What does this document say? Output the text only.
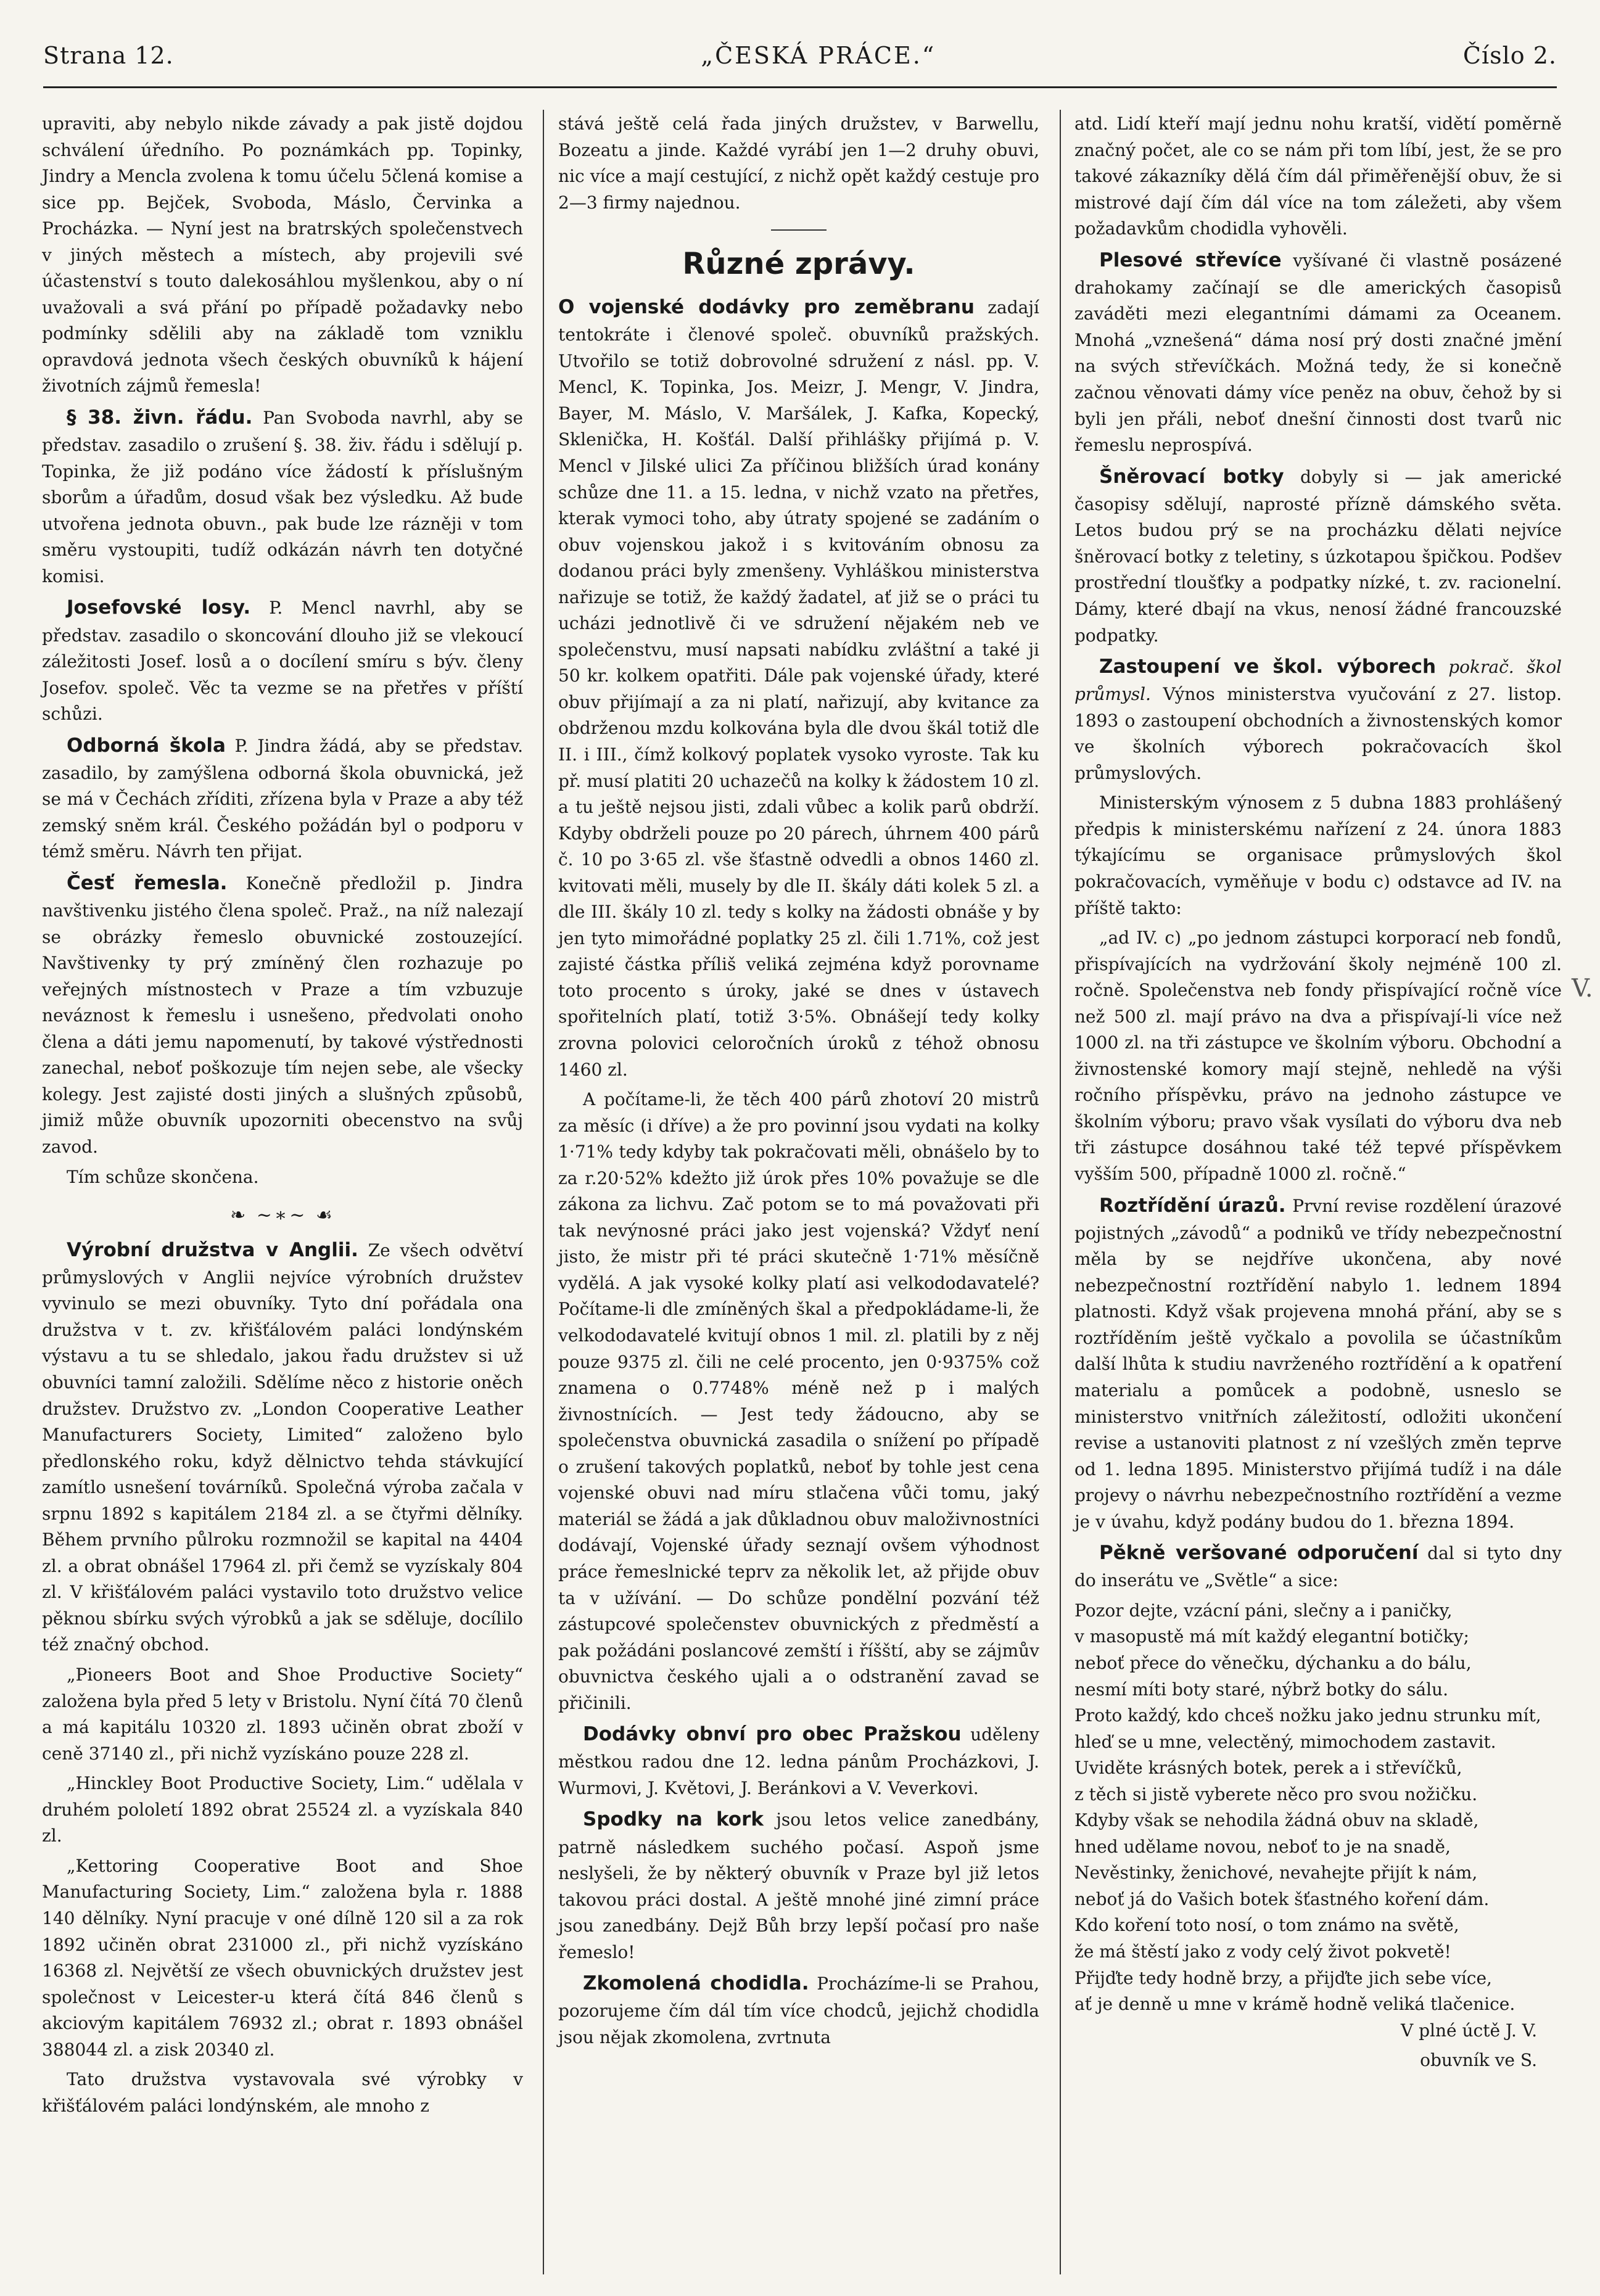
Strana 12.	„ČESKÁ PRÁCE.“	Číslo 2.

upraviti, aby nebylo nikde závady a pak jistě dojdou schválení úředního. Po poznámkách pp. Topinky, Jindry a Mencla zvolena k tomu účelu 5člená komise a sice pp. Bejček, Svoboda, Máslo, Červinka a Procházka. — Nyní jest na bratrských společenstvech v jiných městech a místech, aby projevili své účastenství s touto dalekosáhlou myšlenkou, aby o ní uvažovali a svá přání po případě požadavky nebo podmínky sdělili aby na základě tom vzniklu opravdová jednota všech českých obuvníků k hájení životních zájmů řemesla!

§ 38. živn. řádu. Pan Svoboda navrhl, aby se představ. zasadilo o zrušení §. 38. živ. řádu i sdělují p. Topinka, že již podáno více žádostí k příslušným sborům a úřadům, dosud však bez výsledku. Až bude utvořena jednota obuvn., pak bude lze rázněji v tom směru vystoupiti, tudíž odkázán návrh ten dotyčné komisi.

Josefovské losy. P. Mencl navrhl, aby se představ. zasadilo o skoncování dlouho již se vlekoucí záležitosti Josef. losů a o docílení smíru s býv. členy Josefov. společ. Věc ta vezme se na přetřes v příští schůzi.

Odborná škola P. Jindra žádá, aby se představ. zasadilo, by zamýšlena odborná škola obuvnická, jež se má v Čechách zříditi, zřízena byla v Praze a aby též zemský sněm král. Českého požádán byl o podporu v témž směru. Návrh ten přijat.

Česť řemesla. Konečně předložil p. Jindra navštivenku jistého člena společ. Praž., na níž nalezají se obrázky řemeslo obuvnické zostouzející. Navštivenky ty prý zmíněný člen rozhazuje po veřejných místnostech v Praze a tím vzbuzuje neváznost k řemeslu i usnešeno, předvolati onoho člena a dáti jemu napomenutí, by takové výstřednosti zanechal, neboť poškozuje tím nejen sebe, ale všecky kolegy. Jest zajisté dosti jiných a slušných způsobů, jimiž může obuvník upozorniti obecenstvo na svůj zavod.

Tím schůze skončena.

❧ ~∗~ ☙

Výrobní družstva v Anglii. Ze všech odvětví průmyslových v Anglii nejvíce výrobních družstev vyvinulo se mezi obuvníky. Tyto dní pořádala ona družstva v t. zv. křišťálovém paláci londýnském výstavu a tu se shledalo, jakou řadu družstev si už obuvníci tamní založili. Sdělíme něco z historie oněch družstev. Družstvo zv. „London Cooperative Leather Manufacturers Society, Limited“ založeno bylo předlonského roku, když dělnictvo tehda stávkující zamítlo usnešení továrníků. Společná výroba začala v srpnu 1892 s kapitálem 2184 zl. a se čtyřmi dělníky. Během prvního půlroku rozmnožil se kapital na 4404 zl. a obrat obnášel 17964 zl. při čemž se vyzískaly 804 zl. V křišťálovém paláci vystavilo toto družstvo velice pěknou sbírku svých výrobků a jak se sděluje, docílilo též značný obchod.

„Pioneers Boot and Shoe Productive Society“ založena byla před 5 lety v Bristolu. Nyní čítá 70 členů a má kapitálu 10320 zl. 1893 učiněn obrat zboží v ceně 37140 zl., při nichž vyzískáno pouze 228 zl.

„Hinckley Boot Productive Society, Lim.“ udělala v druhém pololetí 1892 obrat 25524 zl. a vyzískala 840 zl.

„Kettoring Cooperative Boot and Shoe Manufacturing Society, Lim.“ založena byla r. 1888 140 dělníky. Nyní pracuje v oné dílně 120 sil a za rok 1892 učiněn obrat 231000 zl., při nichž vyzískáno 16368 zl. Největší ze všech obuvnických družstev jest společnost v Leicester-u která čítá 846 členů s akciovým kapitálem 76932 zl.; obrat r. 1893 obnášel 388044 zl. a zisk 20340 zl.

Tato družstva vystavovala své výrobky v křišťálovém paláci londýnském, ale mnoho z

stává ještě celá řada jiných družstev, v Barwellu, Bozeatu a jinde. Každé vyrábí jen 1—2 druhy obuvi, nic více a mají cestující, z nichž opět každý cestuje pro 2—3 firmy najednou.

Různé zprávy.

O vojenské dodávky pro zeměbranu zadají tentokráte i členové společ. obuvníků pražských. Utvořilo se totiž dobrovolné sdružení z násl. pp. V. Mencl, K. Topinka, Jos. Meizr, J. Mengr, V. Jindra, Bayer, M. Máslo, V. Maršálek, J. Kafka, Kopecký, Sklenička, H. Košťál. Další přihlášky přijímá p. V. Mencl v Jilské ulici Za příčinou bližších úrad konány schůze dne 11. a 15. ledna, v nichž vzato na přetřes, kterak vymoci toho, aby útraty spojené se zadáním o obuv vojenskou jakož i s kvitováním obnosu za dodanou práci byly zmenšeny. Vyhláškou ministerstva nařizuje se totiž, že každý žadatel, ať již se o práci tu ucházi jednotlivě či ve sdružení nějakém neb ve společenstvu, musí napsati nabídku zvláštní a také ji 50 kr. kolkem opatřiti. Dále pak vojenské úřady, které obuv přijímají a za ni platí, nařizují, aby kvitance za obdrženou mzdu kolkována byla dle dvou škál totiž dle II. i III., čímž kolkový poplatek vysoko vyroste. Tak ku př. musí platiti 20 uchazečů na kolky k žádostem 10 zl. a tu ještě nejsou jisti, zdali vůbec a kolik parů obdrží. Kdyby obdrželi pouze po 20 párech, úhrnem 400 párů č. 10 po 3·65 zl. vše šťastně odvedli a obnos 1460 zl. kvitovati měli, musely by dle II. škály dáti kolek 5 zl. a dle III. škály 10 zl. tedy s kolky na žádosti obnáše y by jen tyto mimořádné poplatky 25 zl. čili 1.71%, což jest zajisté částka příliš veliká zejména když porovname toto procento s úroky, jaké se dnes v ústavech spořitelních platí, totiž 3·5%. Obnášejí tedy kolky zrovna polovici celoročních úroků z téhož obnosu 1460 zl.

A počítame-li, že těch 400 párů zhotoví 20 mistrů za měsíc (i dříve) a že pro povinní jsou vydati na kolky 1·71% tedy kdyby tak pokračovati měli, obnášelo by to za r.20·52% kdežto již úrok přes 10% považuje se dle zákona za lichvu. Zač potom se to má považovati při tak nevýnosné práci jako jest vojenská? Vždyť není jisto, že mistr při té práci skutečně 1·71% měsíčně vydělá. A jak vysoké kolky platí asi velkododavatelé? Počítame-li dle zmíněných škal a předpokládame-li, že velkododavatelé kvitují obnos 1 mil. zl. platili by z něj pouze 9375 zl. čili ne celé procento, jen 0·9375% což znamena o 0.7748% méně než p i malých živnostnících. — Jest tedy žádoucno, aby se společenstva obuvnická zasadila o snížení po případě o zrušení takových poplatků, neboť by tohle jest cena vojenské obuvi nad míru stlačena vůči tomu, jaký materiál se žádá a jak důkladnou obuv maloživnostníci dodávají, Vojenské úřady seznají ovšem výhodnost práce řemeslnické teprv za několik let, až přijde obuv ta v užívání. — Do schůze pondělní pozvání též zástupcové společenstev obuvnických z předměstí a pak požádáni poslancové zemští i říšští, aby se zájmův obuvnictva českého ujali a o odstranění zavad se přičinili.

Dodávky obnví pro obec Pražskou uděleny městkou radou dne 12. ledna pánům Procházkovi, J. Wurmovi, J. Květovi, J. Beránkovi a V. Veverkovi.

Spodky na kork jsou letos velice zanedbány, patrně následkem suchého počasí. Aspoň jsme neslyšeli, že by některý obuvník v Praze byl již letos takovou práci dostal. A ještě mnohé jiné zimní práce jsou zanedbány. Dejž Bůh brzy lepší počasí pro naše řemeslo!

Zkomolená chodidla. Procházíme-li se Prahou, pozorujeme čím dál tím více chodců, jejichž chodidla jsou nějak zkomolena, zvrtnuta

atd. Lidí kteří mají jednu nohu kratší, vidětí poměrně značný počet, ale co se nám při tom líbí, jest, že se pro takové zákazníky dělá čím dál přiměřenější obuv, že si mistrové dají čím dál více na tom záležeti, aby všem požadavkům chodidla vyhověli.

Plesové střevíce vyšívané či vlastně posázené drahokamy začínají se dle amerických časopisů zaváděti mezi elegantními dámami za Oceanem. Mnohá „vznešená“ dáma nosí prý dosti značné jmění na svých střevíčkách. Možná tedy, že si konečně začnou věnovati dámy více peněz na obuv, čehož by si byli jen přáli, neboť dnešní činnosti dost tvarů nic řemeslu neprospívá.

Šněrovací botky dobyly si — jak americké časopisy sdělují, naprosté přízně dámského světa. Letos budou prý se na procházku dělati nejvíce šněrovací botky z teletiny, s úzkotapou špičkou. Podšev prostřední tloušťky a podpatky nízké, t. zv. racionelní. Dámy, které dbají na vkus, nenosí žádné francouzské podpatky.

Zastoupení ve škol. výborech pokrač. škol průmysl. Výnos ministerstva vyučování z 27. listop. 1893 o zastoupení obchodních a živnostenských komor ve školních výborech pokračovacích škol průmyslových.

Ministerským výnosem z 5 dubna 1883 prohlášený předpis k ministerskému nařízení z 24. února 1883 týkajícímu se organisace průmyslových škol pokračovacích, vyměňuje v bodu c) odstavce ad IV. na příště takto:

„ad IV. c) „po jednom zástupci korporací neb fondů, přispívajících na vydržování školy nejméně 100 zl. ročně. Společenstva neb fondy přispívající ročně více než 500 zl. mají právo na dva a přispívají-li více než 1000 zl. na tři zástupce ve školním výboru. Obchodní a živnostenské komory mají stejně, nehledě na výši ročního příspěvku, právo na jednoho zástupce ve školním výboru; pravo však vysílati do výboru dva neb tři zástupce dosáhnou také též tepvé příspěvkem vyšším 500, případně 1000 zl. ročně.“

Roztřídění úrazů. První revise rozdělení úrazové pojistných „závodů“ a podniků ve třídy nebezpečnostní měla by se nejdříve ukončena, aby nové nebezpečnostní roztřídění nabylo 1. lednem 1894 platnosti. Když však projevena mnohá přání, aby se s roztříděním ještě vyčkalo a povolila se účastníkům další lhůta k studiu navrženého roztřídění a k opatření materialu a pomůcek a podobně, usneslo se ministerstvo vnitřních záležitostí, odložiti ukončení revise a ustanoviti platnost z ní vzešlých změn teprve od 1. ledna 1895. Ministerstvo přijímá tudíž i na dále projevy o návrhu nebezpečnostního roztřídění a vezme je v úvahu, když podány budou do 1. března 1894.

Pěkně veršované odporučení dal si tyto dny do inserátu ve „Světle“ a sice:

Pozor dejte, vzácní páni, slečny a i paničky,
v masopustě má mít každý elegantní botičky;
neboť přece do věnečku, dýchanku a do bálu,
nesmí míti boty staré, nýbrž botky do sálu.
Proto každý, kdo chceš nožku jako jednu strunku mít,
hleď se u mne, velectěný, mimochodem zastavit.
Uviděte krásných botek, perek a i střevíčků,
z těch si jistě vyberete něco pro svou nožičku.
Kdyby však se nehodila žádná obuv na skladě,
hned udělame novou, neboť to je na snadě,
Nevěstinky, ženichové, nevahejte přijít k nám,
neboť já do Vašich botek šťastného koření dám.
Kdo koření toto nosí, o tom známo na světě,
že má štěstí jako z vody celý život pokvetě!
Přijďte tedy hodně brzy, a přijďte jich sebe více,
ať je denně u mne v krámě hodně veliká tlačenice.

V plné úctě J. V.

obuvník ve S.

V.
